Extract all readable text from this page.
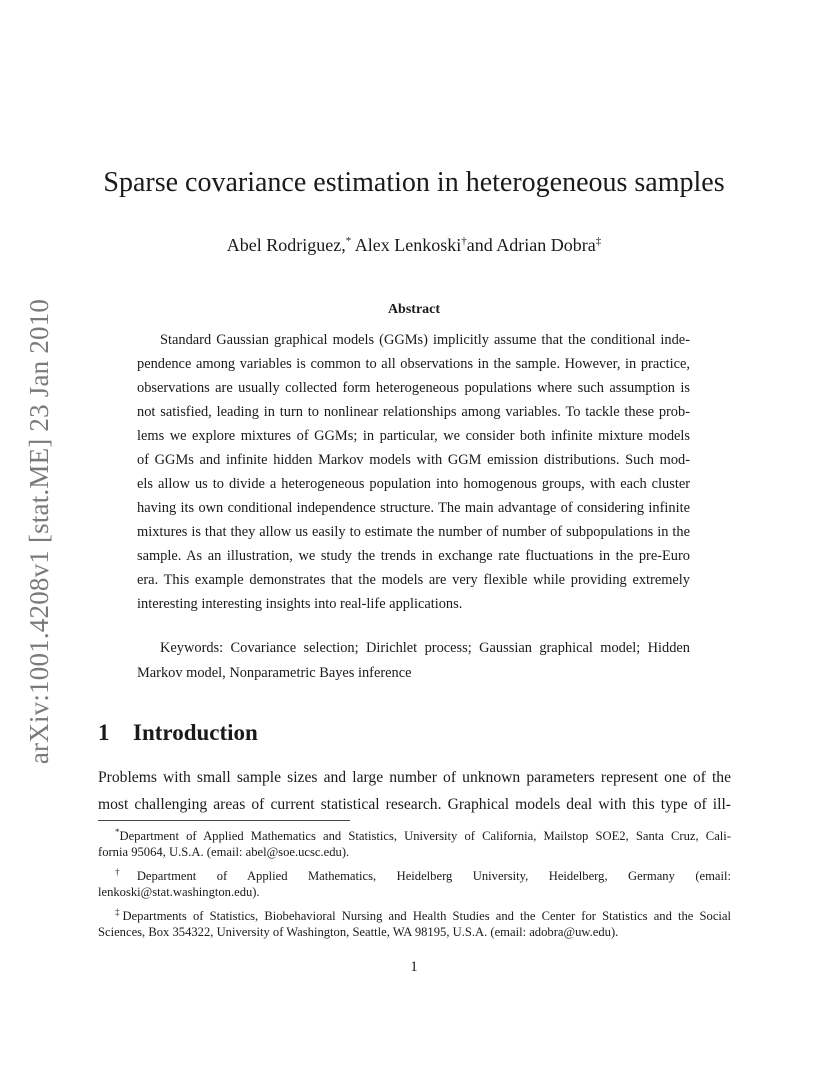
arXiv:1001.4208v1 [stat.ME] 23 Jan 2010
Sparse covariance estimation in heterogeneous samples
Abel Rodriguez,* Alex Lenkoski†and Adrian Dobra‡
Abstract
Standard Gaussian graphical models (GGMs) implicitly assume that the conditional inde-
pendence among variables is common to all observations in the sample. However, in practice,
observations are usually collected form heterogeneous populations where such assumption is
not satisfied, leading in turn to nonlinear relationships among variables. To tackle these prob-
lems we explore mixtures of GGMs; in particular, we consider both infinite mixture models
of GGMs and infinite hidden Markov models with GGM emission distributions. Such mod-
els allow us to divide a heterogeneous population into homogenous groups, with each cluster
having its own conditional independence structure. The main advantage of considering infinite
mixtures is that they allow us easily to estimate the number of number of subpopulations in the
sample. As an illustration, we study the trends in exchange rate fluctuations in the pre-Euro
era. This example demonstrates that the models are very flexible while providing extremely
interesting interesting insights into real-life applications.
Keywords: Covariance selection; Dirichlet process; Gaussian graphical model; Hidden
Markov model, Nonparametric Bayes inference
1 Introduction
Problems with small sample sizes and large number of unknown parameters represent one of the
most challenging areas of current statistical research. Graphical models deal with this type of ill-
*Department of Applied Mathematics and Statistics, University of California, Mailstop SOE2, Santa Cruz, Cali-
fornia 95064, U.S.A. (email: abel@soe.ucsc.edu).
†Department of Applied Mathematics, Heidelberg University, Heidelberg, Germany (email:
lenkoski@stat.washington.edu).
‡Departments of Statistics, Biobehavioral Nursing and Health Studies and the Center for Statistics and the Social
Sciences, Box 354322, University of Washington, Seattle, WA 98195, U.S.A. (email: adobra@uw.edu).
1
